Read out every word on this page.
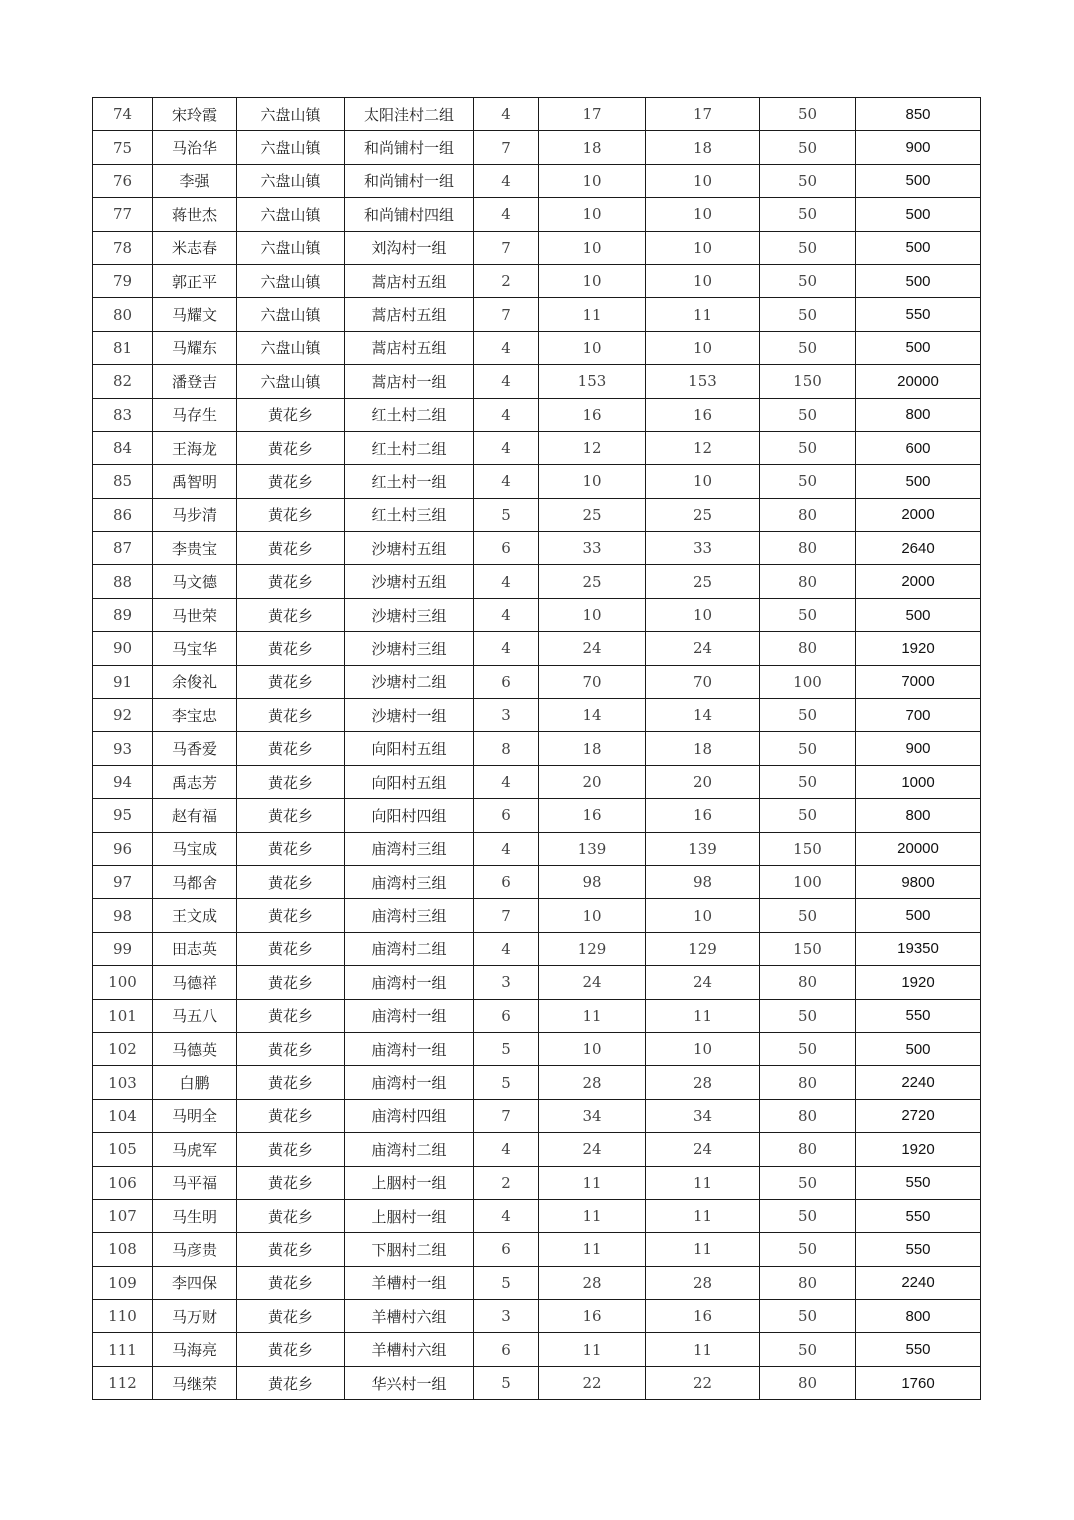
74	宋玲霞	六盘山镇	太阳洼村二组	4	17	17	50	850
75	马治华	六盘山镇	和尚铺村一组	7	18	18	50	900
76	李强	六盘山镇	和尚铺村一组	4	10	10	50	500
77	蒋世杰	六盘山镇	和尚铺村四组	4	10	10	50	500
78	米志春	六盘山镇	刘沟村一组	7	10	10	50	500
79	郭正平	六盘山镇	蒿店村五组	2	10	10	50	500
80	马耀文	六盘山镇	蒿店村五组	7	11	11	50	550
81	马耀东	六盘山镇	蒿店村五组	4	10	10	50	500
82	潘登吉	六盘山镇	蒿店村一组	4	153	153	150	20000
83	马存生	黄花乡	红土村二组	4	16	16	50	800
84	王海龙	黄花乡	红土村二组	4	12	12	50	600
85	禹智明	黄花乡	红土村一组	4	10	10	50	500
86	马步清	黄花乡	红土村三组	5	25	25	80	2000
87	李贵宝	黄花乡	沙塘村五组	6	33	33	80	2640
88	马文德	黄花乡	沙塘村五组	4	25	25	80	2000
89	马世荣	黄花乡	沙塘村三组	4	10	10	50	500
90	马宝华	黄花乡	沙塘村三组	4	24	24	80	1920
91	余俊礼	黄花乡	沙塘村二组	6	70	70	100	7000
92	李宝忠	黄花乡	沙塘村一组	3	14	14	50	700
93	马香爱	黄花乡	向阳村五组	8	18	18	50	900
94	禹志芳	黄花乡	向阳村五组	4	20	20	50	1000
95	赵有福	黄花乡	向阳村四组	6	16	16	50	800
96	马宝成	黄花乡	庙湾村三组	4	139	139	150	20000
97	马都舍	黄花乡	庙湾村三组	6	98	98	100	9800
98	王文成	黄花乡	庙湾村三组	7	10	10	50	500
99	田志英	黄花乡	庙湾村二组	4	129	129	150	19350
100	马德祥	黄花乡	庙湾村一组	3	24	24	80	1920
101	马五八	黄花乡	庙湾村一组	6	11	11	50	550
102	马德英	黄花乡	庙湾村一组	5	10	10	50	500
103	白鹏	黄花乡	庙湾村一组	5	28	28	80	2240
104	马明全	黄花乡	庙湾村四组	7	34	34	80	2720
105	马虎军	黄花乡	庙湾村二组	4	24	24	80	1920
106	马平福	黄花乡	上胭村一组	2	11	11	50	550
107	马生明	黄花乡	上胭村一组	4	11	11	50	550
108	马彦贵	黄花乡	下胭村二组	6	11	11	50	550
109	李四保	黄花乡	羊槽村一组	5	28	28	80	2240
110	马万财	黄花乡	羊槽村六组	3	16	16	50	800
111	马海亮	黄花乡	羊槽村六组	6	11	11	50	550
112	马继荣	黄花乡	华兴村一组	5	22	22	80	1760
